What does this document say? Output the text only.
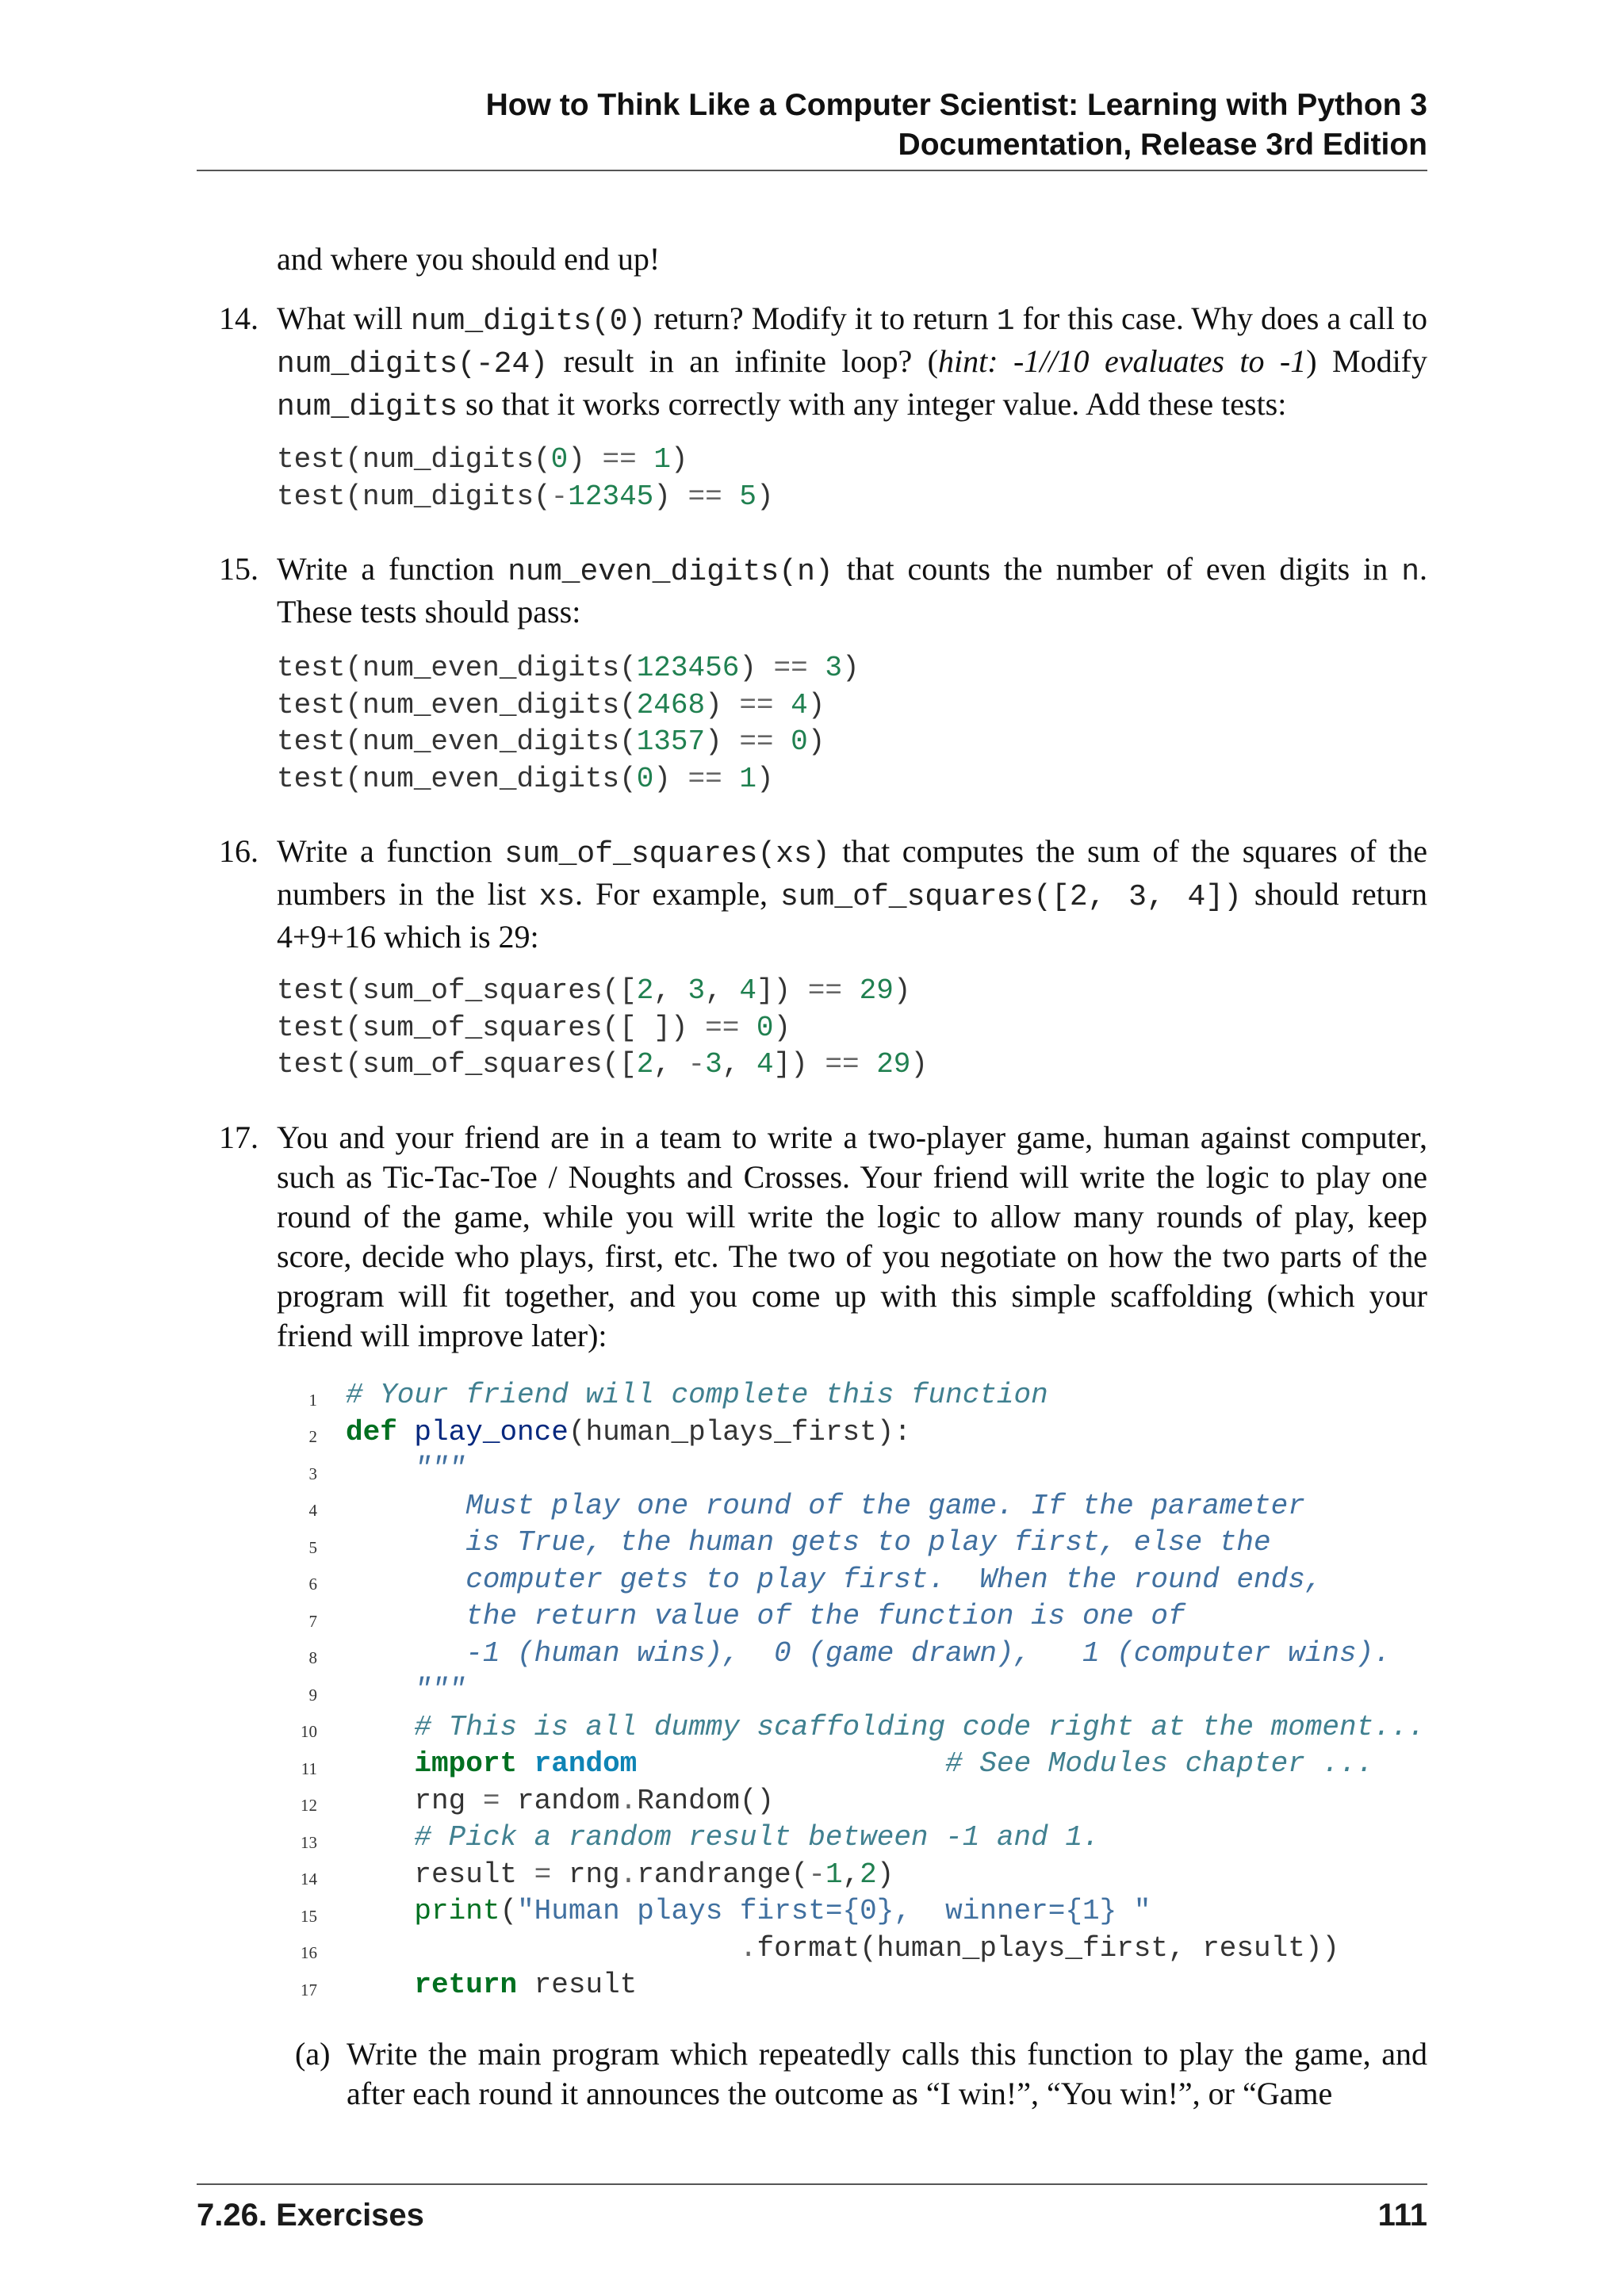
How to Think Like a Computer Scientist: Learning with Python 3
Documentation, Release 3rd Edition
and where you should end up!
14. What will num_digits(0) return? Modify it to return 1 for this case. Why does a call to num_digits(-24) result in an infinite loop? (hint: -1//10 evaluates to -1) Modify num_digits so that it works correctly with any integer value. Add these tests:
test(num_digits(0) == 1)
test(num_digits(-12345) == 5)
15. Write a function num_even_digits(n) that counts the number of even digits in n. These tests should pass:
test(num_even_digits(123456) == 3)
test(num_even_digits(2468) == 4)
test(num_even_digits(1357) == 0)
test(num_even_digits(0) == 1)
16. Write a function sum_of_squares(xs) that computes the sum of the squares of the numbers in the list xs. For example, sum_of_squares([2, 3, 4]) should return 4+9+16 which is 29:
test(sum_of_squares([2, 3, 4]) == 29)
test(sum_of_squares([ ]) == 0)
test(sum_of_squares([2, -3, 4]) == 29)
17. You and your friend are in a team to write a two-player game, human against computer, such as Tic-Tac-Toe / Noughts and Crosses. Your friend will write the logic to play one round of the game, while you will write the logic to allow many rounds of play, keep score, decide who plays, first, etc. The two of you negotiate on how the two parts of the program will fit together, and you come up with this simple scaffolding (which your friend will improve later):
1
2
3
4
5
6
7
8
9
10
11
12
13
14
15
16
17
# Your friend will complete this function
def play_once(human_plays_first):
"""
Must play one round of the game. If the parameter
is True, the human gets to play first, else the
computer gets to play first.  When the round ends,
the return value of the function is one of
-1 (human wins),  0 (game drawn),   1 (computer wins).
"""
# This is all dummy scaffolding code right at the moment...
import random	# See Modules chapter ...
rng = random.Random()
# Pick a random result between -1 and 1.
result = rng.randrange(-1,2)
print("Human plays first={0},  winner={1} "
.format(human_plays_first, result))
return result
(a) Write the main program which repeatedly calls this function to play the game, and after each round it announces the outcome as “I win!”, “You win!”, or “Game
7.26. Exercises	111
